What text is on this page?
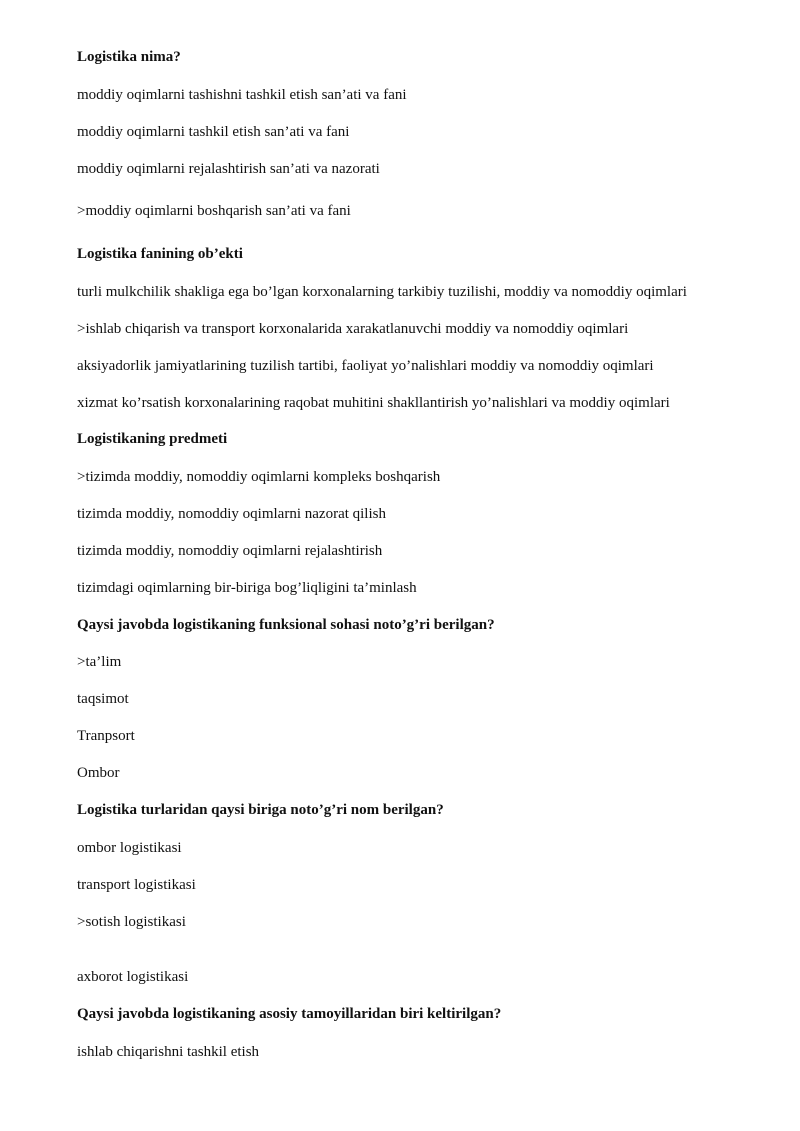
Logistika nima?
moddiy oqimlarni tashishni tashkil etish san’ati va fani
moddiy oqimlarni tashkil etish san’ati va fani
moddiy oqimlarni rejalashtirish san’ati va nazorati
>moddiy oqimlarni boshqarish san’ati va fani
Logistika fanining ob’ekti
turli mulkchilik shakliga ega bo’lgan korxonalarning tarkibiy tuzilishi, moddiy va nomoddiy oqimlari
>ishlab chiqarish va transport korxonalarida xarakatlanuvchi moddiy va nomoddiy oqimlari
aksiyadorlik jamiyatlarining tuzilish tartibi, faoliyat yo’nalishlari moddiy va nomoddiy oqimlari
xizmat ko’rsatish korxonalarining raqobat muhitini shakllantirish yo’nalishlari va moddiy oqimlari
Logistikaning predmeti
>tizimda moddiy, nomoddiy oqimlarni kompleks boshqarish
tizimda moddiy, nomoddiy oqimlarni nazorat qilish
tizimda moddiy, nomoddiy oqimlarni rejalashtirish
tizimdagi oqimlarning bir-biriga bog’liqligini ta’minlash
Qaysi javobda logistikaning funksional sohasi noto’g’ri berilgan?
>ta’lim
taqsimot
Tranpsort
Ombor
Logistika turlaridan qaysi biriga noto’g’ri nom berilgan?
ombor logistikasi
transport logistikasi
>sotish logistikasi
axborot logistikasi
Qaysi javobda logistikaning asosiy tamoyillaridan biri keltirilgan?
ishlab chiqarishni tashkil etish
